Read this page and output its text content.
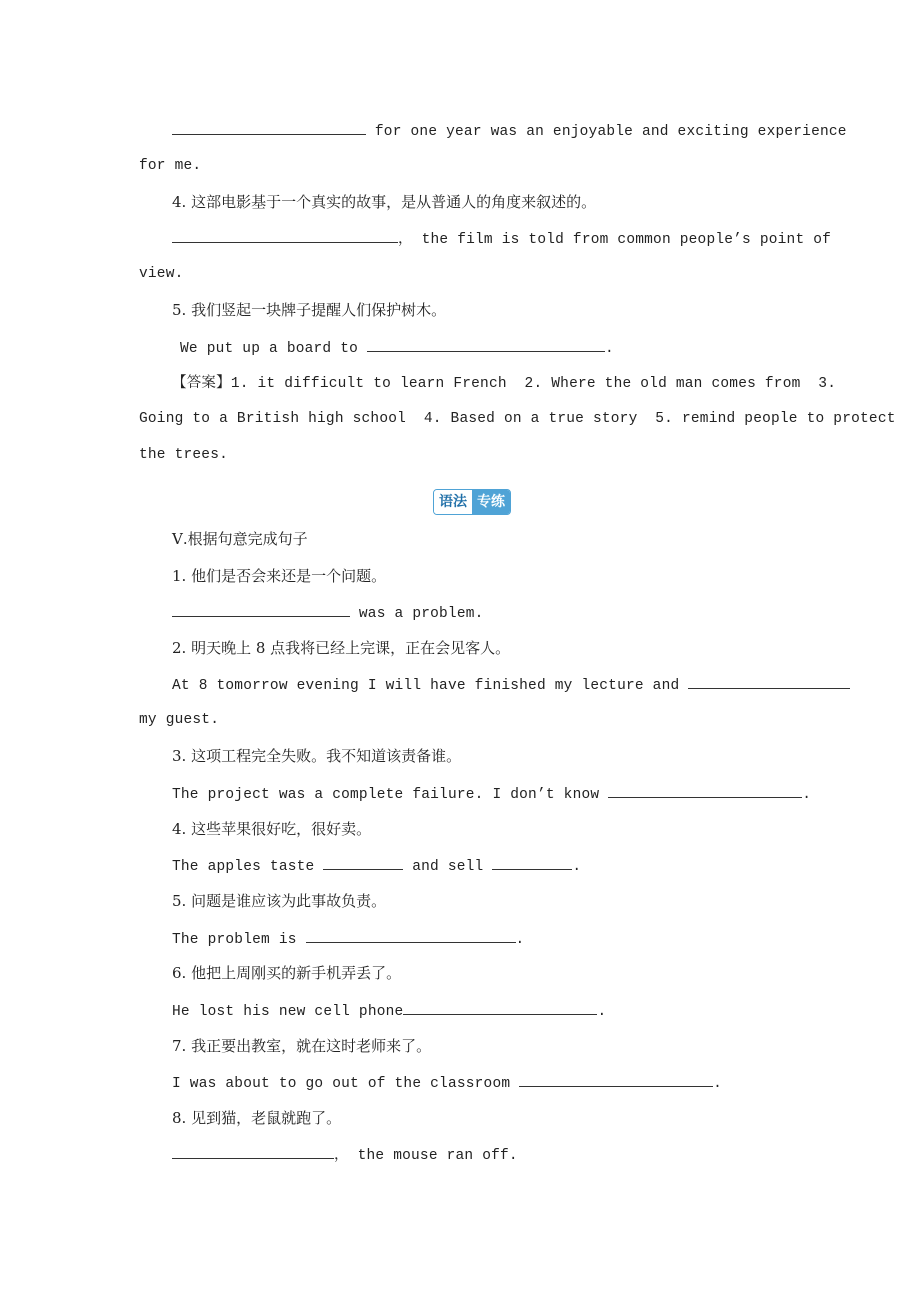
for one year was an enjoyable and exciting experience
for me.
4. 这部电影基于一个真实的故事，是从普通人的角度来叙述的。
， the film is told from common people’s point of
view.
5. 我们竖起一块牌子提醒人们保护树木。
We put up a board to	.
【答案】1. it difficult to learn French  2. Where the old man comes from  3.
Going to a British high school  4. Based on a true story  5. remind people to protect
the trees.
语法 专练
Ⅴ.根据句意完成句子
1. 他们是否会来还是一个问题。
was a problem.
2. 明天晚上 8 点我将已经上完课，正在会见客人。
At 8 tomorrow evening I will have finished my lecture and
my guest.
3. 这项工程完全失败。我不知道该责备谁。
The project was a complete failure. I don’t know	.
4. 这些苹果很好吃，很好卖。
The apples taste	and sell	.
5. 问题是谁应该为此事故负责。
The problem is	.
6. 他把上周刚买的新手机弄丢了。
He lost his new cell phone	.
7. 我正要出教室，就在这时老师来了。
I was about to go out of the classroom	.
8. 见到猫，老鼠就跑了。
， the mouse ran off.
